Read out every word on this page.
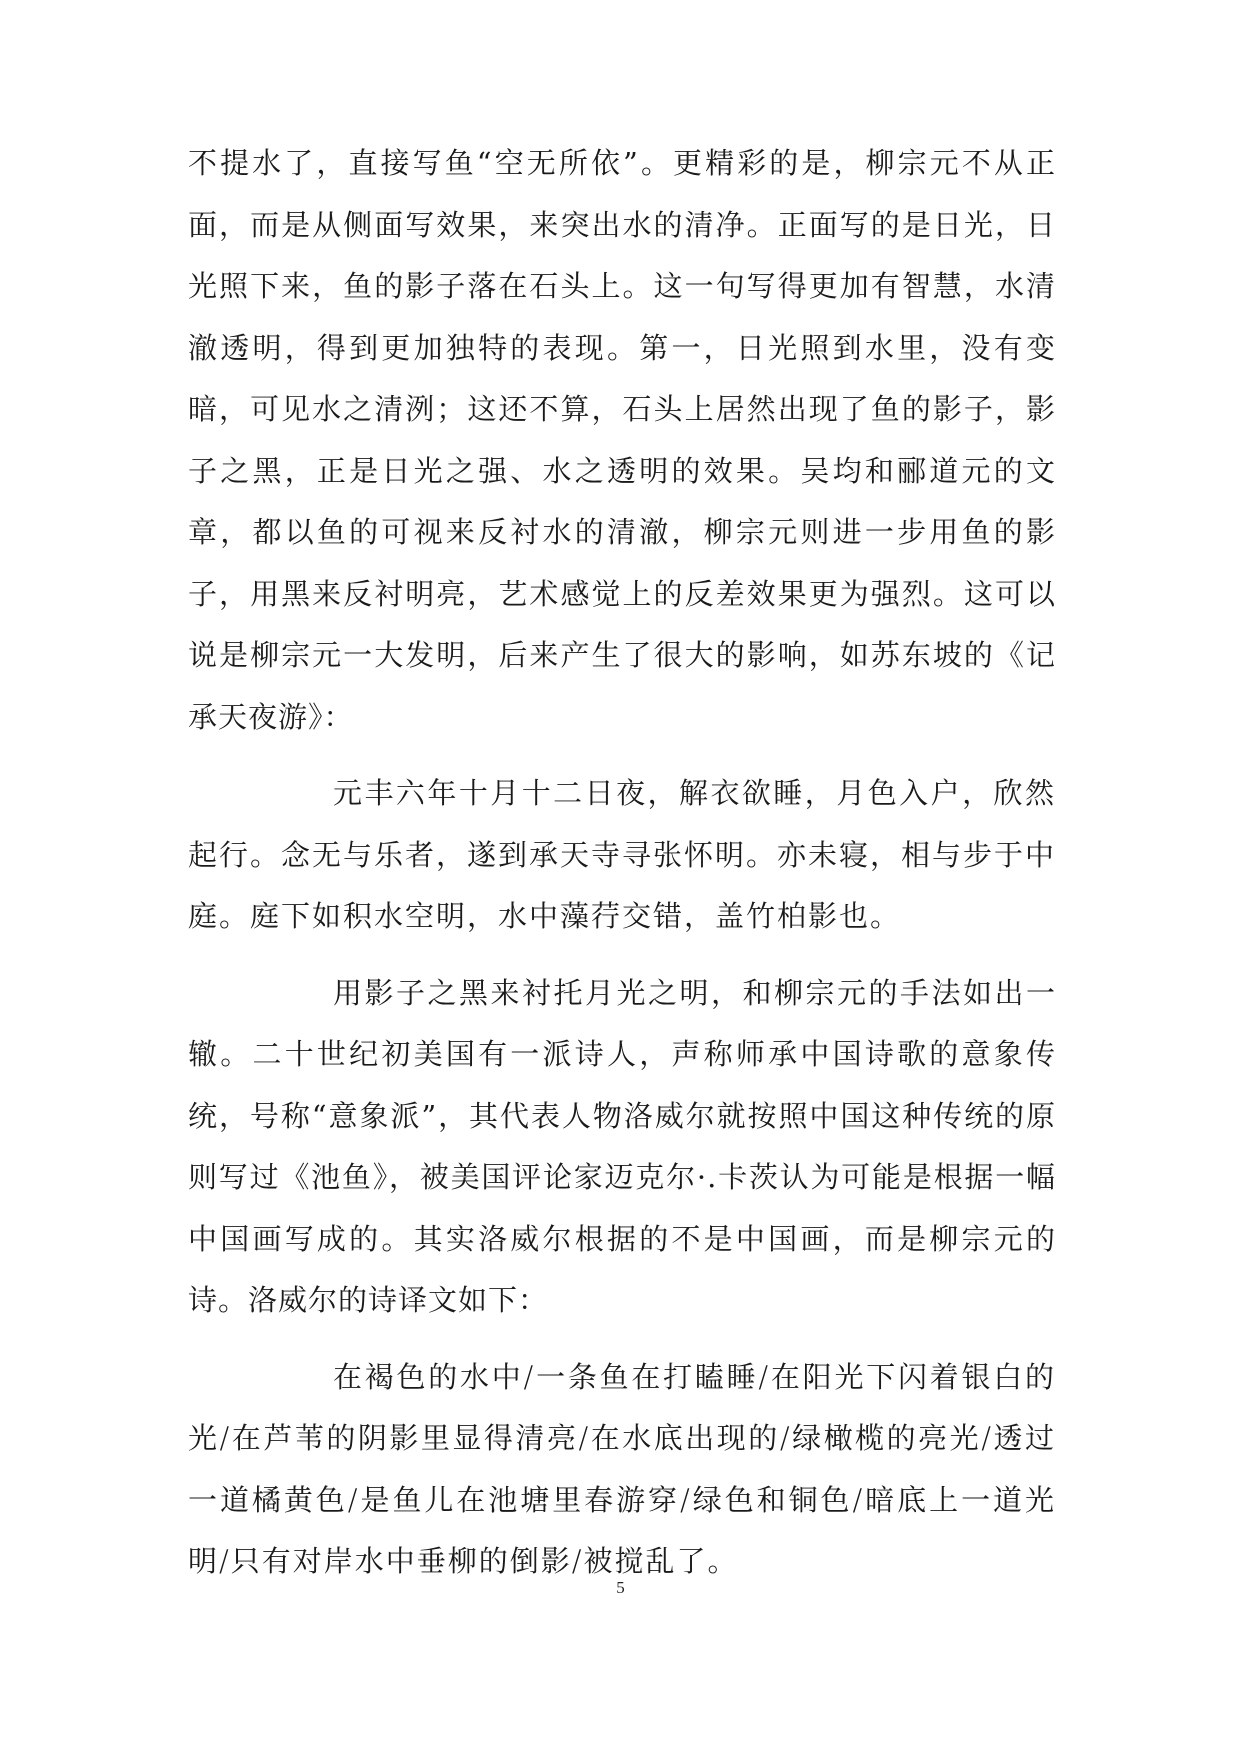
不提水了，直接写鱼“空无所依”。更精彩的是，柳宗元不从正面，而是从侧面写效果，来突出水的清净。正面写的是日光，日光照下来，鱼的影子落在石头上。这一句写得更加有智慧，水清澈透明，得到更加独特的表现。第一，日光照到水里，没有变暗，可见水之清洌；这还不算，石头上居然出现了鱼的影子，影子之黑，正是日光之强、水之透明的效果。吴均和郦道元的文章，都以鱼的可视来反衬水的清澈，柳宗元则进一步用鱼的影子，用黑来反衬明亮，艺术感觉上的反差效果更为强烈。这可以说是柳宗元一大发明，后来产生了很大的影响，如苏东坡的《记承天夜游》：

元丰六年十月十二日夜，解衣欲睡，月色入户，欣然起行。念无与乐者，遂到承天寺寻张怀明。亦未寝，相与步于中庭。庭下如积水空明，水中藻荇交错，盖竹柏影也。

用影子之黑来衬托月光之明，和柳宗元的手法如出一辙。二十世纪初美国有一派诗人，声称师承中国诗歌的意象传统，号称“意象派”，其代表人物洛威尔就按照中国这种传统的原则写过《池鱼》，被美国评论家迈克尔·.卡茨认为可能是根据一幅中国画写成的。其实洛威尔根据的不是中国画，而是柳宗元的诗。洛威尔的诗译文如下：

在褐色的水中/一条鱼在打瞌睡/在阳光下闪着银白的光/在芦苇的阴影里显得清亮/在水底出现的/绿橄榄的亮光/透过一道橘黄色/是鱼儿在池塘里春游穿/绿色和铜色/暗底上一道光明/只有对岸水中垂柳的倒影/被搅乱了。

5
